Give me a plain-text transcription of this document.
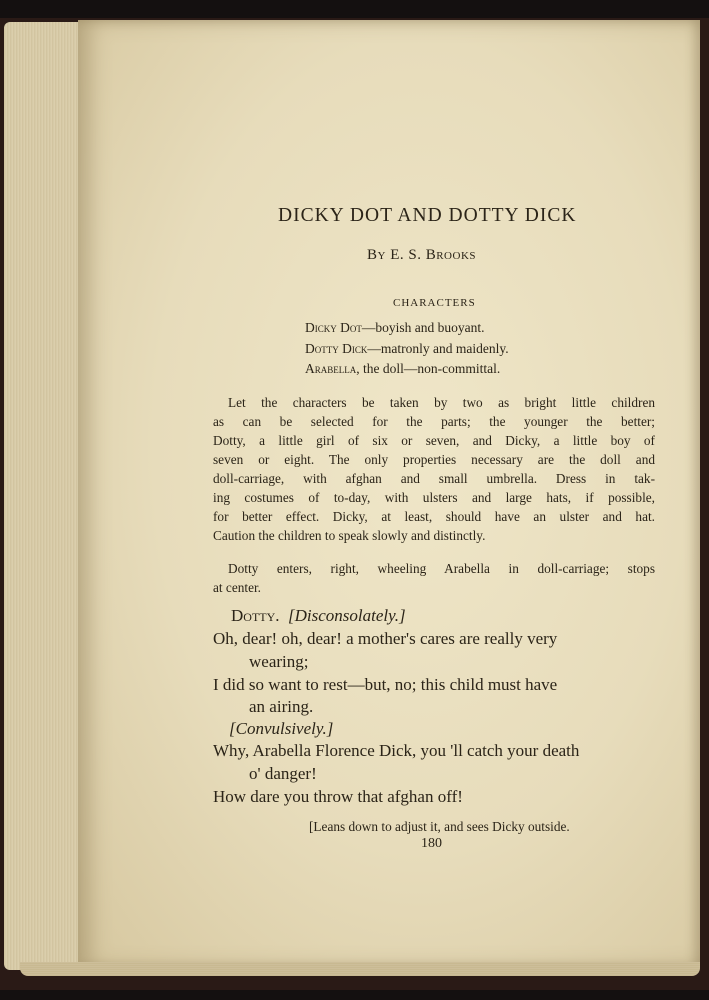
DICKY DOT AND DOTTY DICK
By E. S. Brooks
CHARACTERS
Dicky Dot—boyish and buoyant.
Dotty Dick—matronly and maidenly.
Arabella, the doll—non-committal.
Let the characters be taken by two as bright little children
as can be selected for the parts; the younger the better;
Dotty, a little girl of six or seven, and Dicky, a little boy of
seven or eight. The only properties necessary are the doll and
doll-carriage, with afghan and small umbrella. Dress in tak-
ing costumes of to-day, with ulsters and large hats, if possible,
for better effect. Dicky, at least, should have an ulster and hat.
Caution the children to speak slowly and distinctly.
Dotty enters, right, wheeling Arabella in doll-carriage; stops
at center.
Dotty. [Disconsolately.]
Oh, dear! oh, dear! a mother's cares are really very
wearing;
I did so want to rest—but, no; this child must have
an airing.
[Convulsively.]
Why, Arabella Florence Dick, you 'll catch your death
o' danger!
How dare you throw that afghan off!
[Leans down to adjust it, and sees Dicky outside.
180
